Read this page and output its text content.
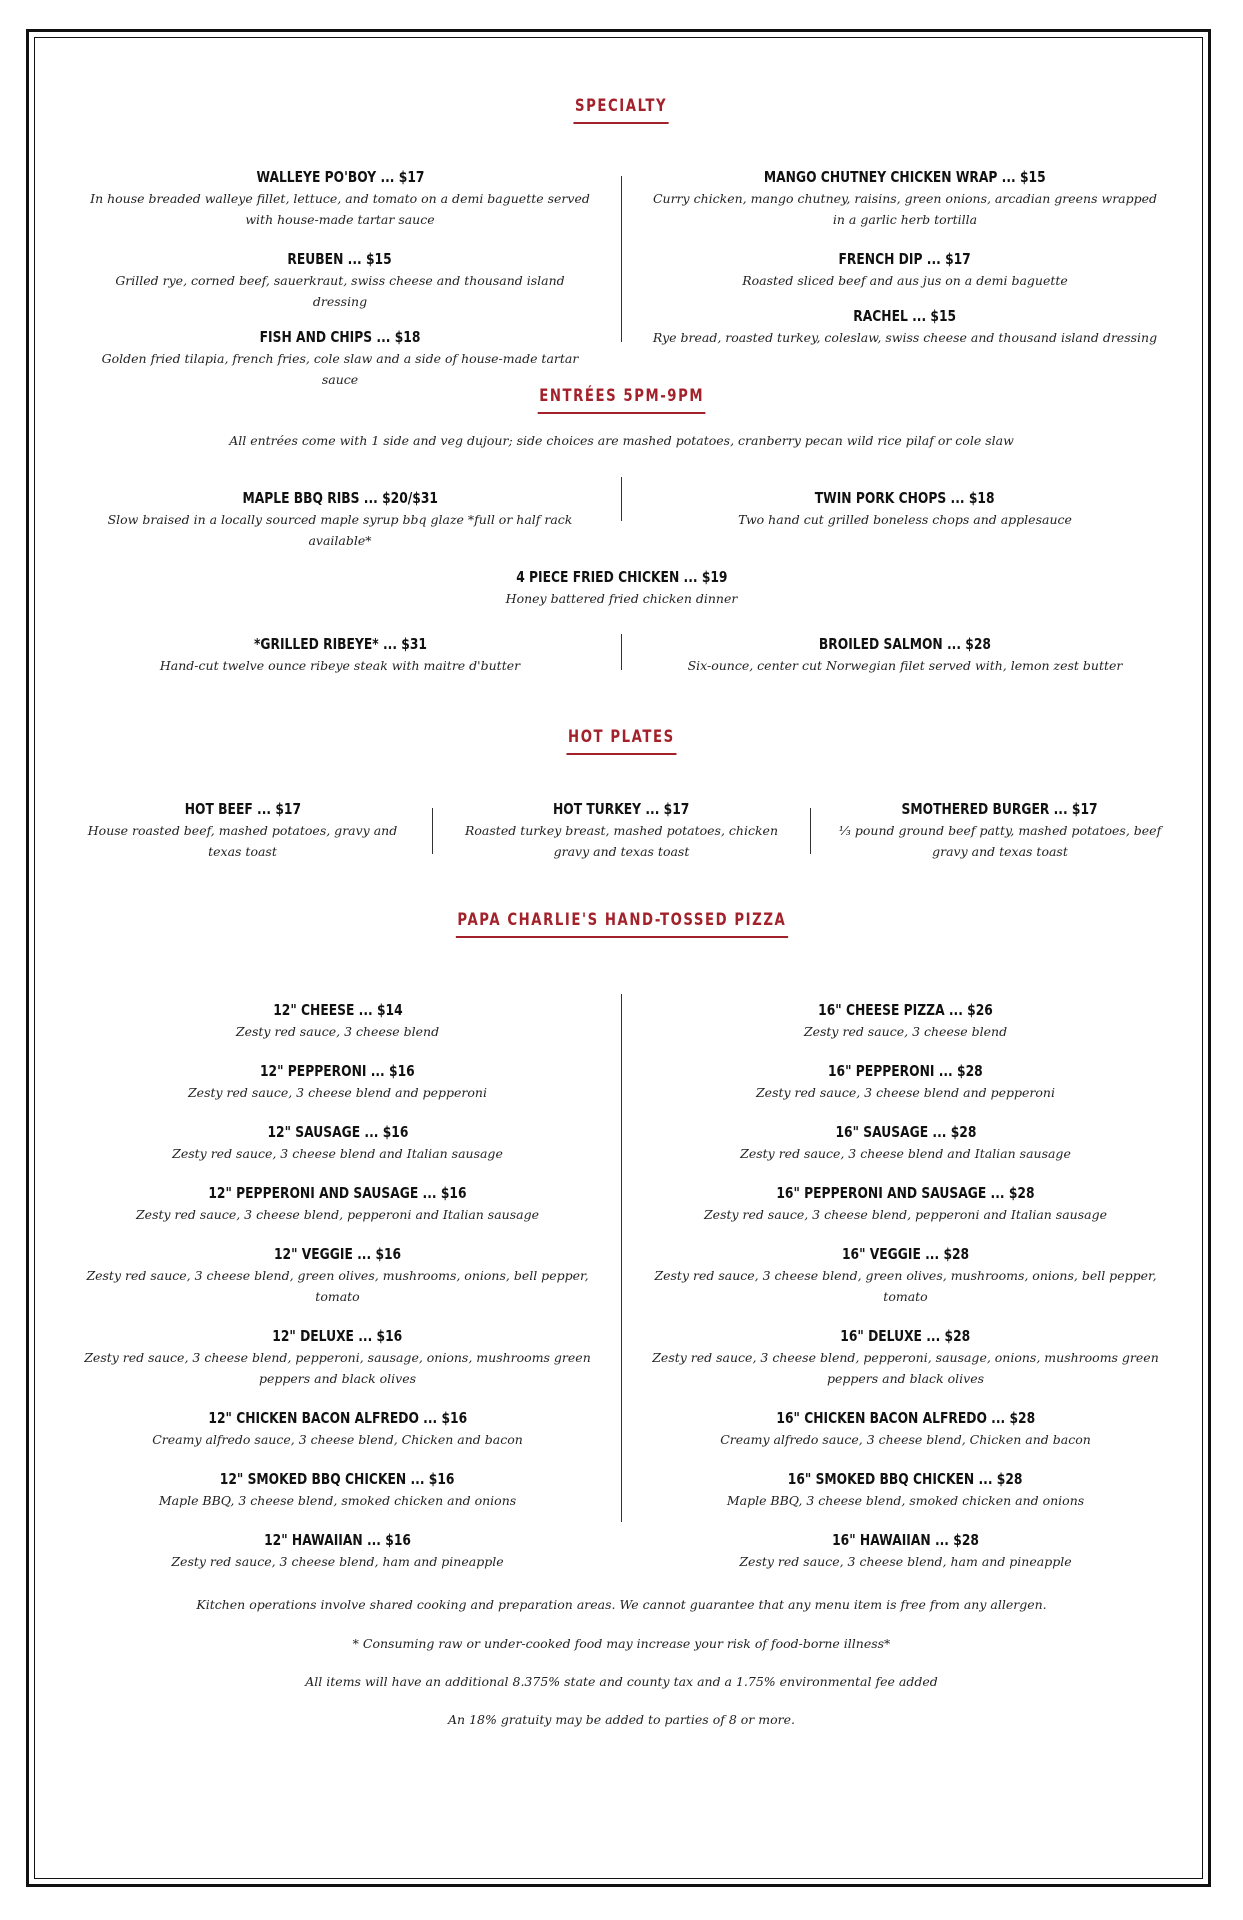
SPECIALTY
WALLEYE PO'BOY ... $17
In house breaded walleye fillet, lettuce, and tomato on a demi baguette served with house-made tartar sauce
REUBEN ... $15
Grilled rye, corned beef, sauerkraut, swiss cheese and thousand island dressing
FISH AND CHIPS ... $18
Golden fried tilapia, french fries, cole slaw and a side of house-made tartar sauce
MANGO CHUTNEY CHICKEN WRAP ... $15
Curry chicken, mango chutney, raisins, green onions, arcadian greens wrapped in a garlic herb tortilla
FRENCH DIP ... $17
Roasted sliced beef and aus jus on a demi baguette
RACHEL ... $15
Rye bread, roasted turkey, coleslaw, swiss cheese and thousand island dressing
ENTRÉES 5PM-9PM
All entrées come with 1 side and veg dujour; side choices are mashed potatoes, cranberry pecan wild rice pilaf or cole slaw
MAPLE BBQ RIBS ... $20/$31
Slow braised in a locally sourced maple syrup bbq glaze *full or half rack available*
TWIN PORK CHOPS ... $18
Two hand cut grilled boneless chops and applesauce
4 PIECE FRIED CHICKEN ... $19
Honey battered fried chicken dinner
*GRILLED RIBEYE* ... $31
Hand-cut twelve ounce ribeye steak with maitre d'butter
BROILED SALMON ... $28
Six-ounce, center cut Norwegian filet served with, lemon zest butter
HOT PLATES
HOT BEEF ... $17
House roasted beef, mashed potatoes, gravy and texas toast
HOT TURKEY ... $17
Roasted turkey breast, mashed potatoes, chicken gravy and texas toast
SMOTHERED BURGER ... $17
⅓ pound ground beef patty, mashed potatoes, beef gravy and texas toast
PAPA CHARLIE'S HAND-TOSSED PIZZA
12" CHEESE ... $14
Zesty red sauce, 3 cheese blend
12" PEPPERONI ... $16
Zesty red sauce, 3 cheese blend and pepperoni
12" SAUSAGE ... $16
Zesty red sauce, 3 cheese blend and Italian sausage
12" PEPPERONI AND SAUSAGE ... $16
Zesty red sauce, 3 cheese blend, pepperoni and Italian sausage
12" VEGGIE ... $16
Zesty red sauce, 3 cheese blend, green olives, mushrooms, onions, bell pepper, tomato
12" DELUXE ... $16
Zesty red sauce, 3 cheese blend, pepperoni, sausage, onions, mushrooms green peppers and black olives
12" CHICKEN BACON ALFREDO ... $16
Creamy alfredo sauce, 3 cheese blend, Chicken and bacon
12" SMOKED BBQ CHICKEN ... $16
Maple BBQ, 3 cheese blend, smoked chicken and onions
12" HAWAIIAN ... $16
Zesty red sauce, 3 cheese blend, ham and pineapple
16" CHEESE PIZZA ... $26
Zesty red sauce, 3 cheese blend
16" PEPPERONI ... $28
Zesty red sauce, 3 cheese blend and pepperoni
16" SAUSAGE ... $28
Zesty red sauce, 3 cheese blend and Italian sausage
16" PEPPERONI AND SAUSAGE ... $28
Zesty red sauce, 3 cheese blend, pepperoni and Italian sausage
16" VEGGIE ... $28
Zesty red sauce, 3 cheese blend, green olives, mushrooms, onions, bell pepper, tomato
16" DELUXE ... $28
Zesty red sauce, 3 cheese blend, pepperoni, sausage, onions, mushrooms green peppers and black olives
16" CHICKEN BACON ALFREDO ... $28
Creamy alfredo sauce, 3 cheese blend, Chicken and bacon
16" SMOKED BBQ CHICKEN ... $28
Maple BBQ, 3 cheese blend, smoked chicken and onions
16" HAWAIIAN ... $28
Zesty red sauce, 3 cheese blend, ham and pineapple
Kitchen operations involve shared cooking and preparation areas. We cannot guarantee that any menu item is free from any allergen.
* Consuming raw or under-cooked food may increase your risk of food-borne illness*
All items will have an additional 8.375% state and county tax and a 1.75% environmental fee added
An 18% gratuity may be added to parties of 8 or more.
